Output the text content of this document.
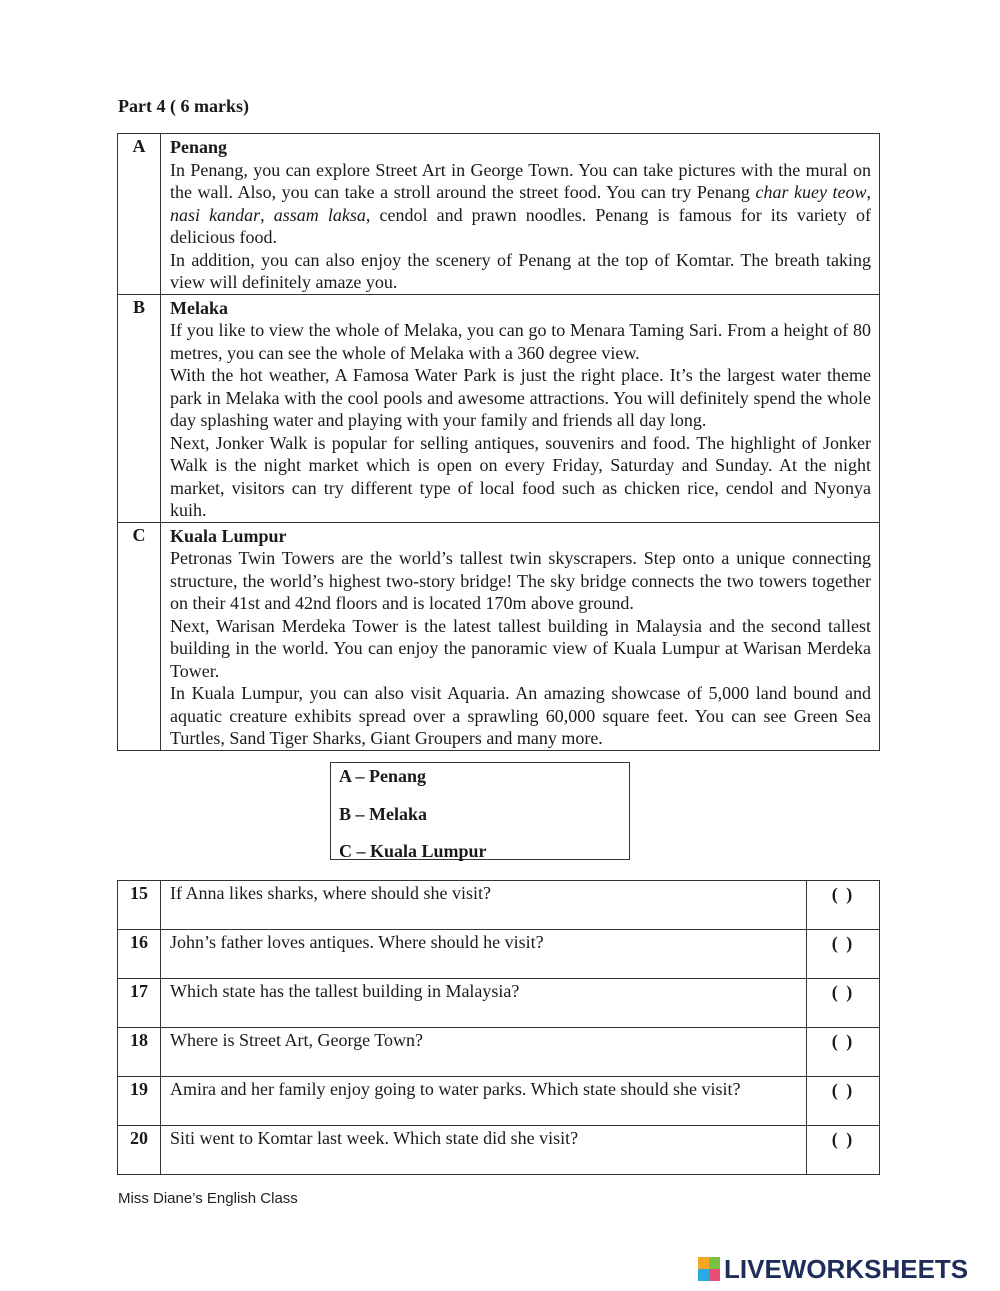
Part 4 ( 6 marks)
A	Penang

In Penang, you can explore Street Art in George Town. You can take pictures with the mural on the wall. Also, you can take a stroll around the street food. You can try Penang char kuey teow, nasi kandar, assam laksa, cendol and prawn noodles. Penang is famous for its variety of delicious food.

In addition, you can also enjoy the scenery of Penang at the top of Komtar. The breath taking view will definitely amaze you.

B	Melaka

If you like to view the whole of Melaka, you can go to Menara Taming Sari. From a height of 80 metres, you can see the whole of Melaka with a 360 degree view.

With the hot weather, A Famosa Water Park is just the right place. It’s the largest water theme park in Melaka with the cool pools and awesome attractions. You will definitely spend the whole day splashing water and playing with your family and friends all day long.

Next, Jonker Walk is popular for selling antiques, souvenirs and food. The highlight of Jonker Walk is the night market which is open on every Friday, Saturday and Sunday. At the night market, visitors can try different type of local food such as chicken rice, cendol and Nyonya kuih.

C	Kuala Lumpur

Petronas Twin Towers are the world’s tallest twin skyscrapers. Step onto a unique connecting structure, the world’s highest two-story bridge! The sky bridge connects the two towers together on their 41st and 42nd floors and is located 170m above ground.

Next, Warisan Merdeka Tower is the latest tallest building in Malaysia and the second tallest building in the world. You can enjoy the panoramic view of Kuala Lumpur at Warisan Merdeka Tower.

In Kuala Lumpur, you can also visit Aquaria. An amazing showcase of 5,000 land bound and aquatic creature exhibits spread over a sprawling 60,000 square feet. You can see Green Sea Turtles, Sand Tiger Sharks, Giant Groupers and many more.

A – Penang
B – Melaka
C – Kuala Lumpur
15	If Anna likes sharks, where should she visit?	( )
16	John’s father loves antiques. Where should he visit?	( )
17	Which state has the tallest building in Malaysia?	( )
18	Where is Street Art, George Town?	( )
19	Amira and her family enjoy going to water parks. Which state should she visit?	( )
20	Siti went to Komtar last week. Which state did she visit?	( )
Miss Diane’s English Class
LIVEWORKSHEETS
